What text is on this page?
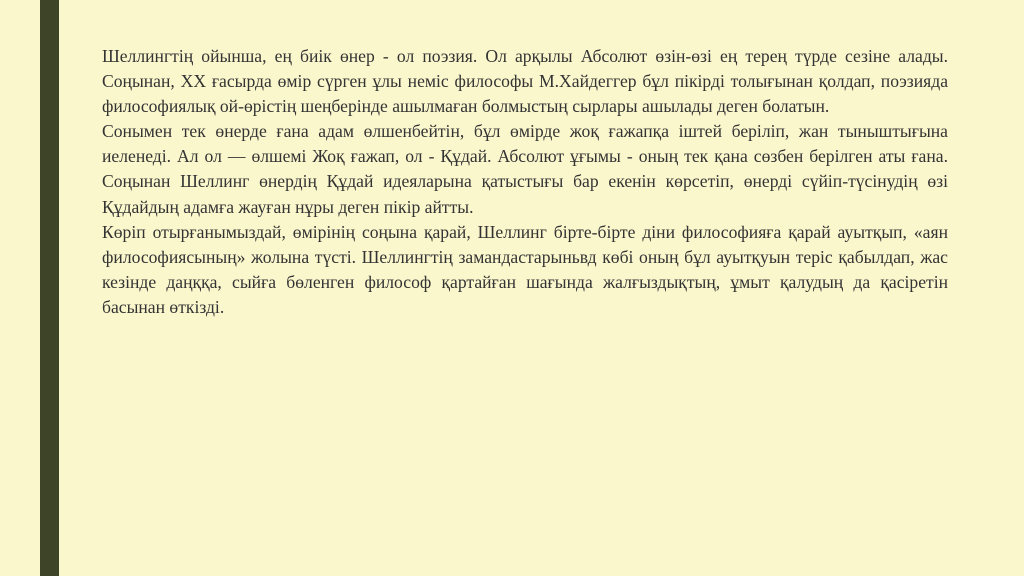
Шеллингтің ойынша, ең биік өнер - ол поэзия. Ол арқылы Абсолют өзін-өзі ең терең түрде сезіне алады. Соңынан, XX ғасырда өмір сүрген ұлы неміс философы М.Хайдеггер бұл пікірді толығынан қолдап, поэзияда философиялық ой-өрістің шеңберінде ашылмаған болмыстың сырлары ашылады деген болатын.

Сонымен тек өнерде ғана адам өлшенбейтін, бұл өмірде жоқ ғажапқа іштей беріліп, жан тыныштығына иеленеді. Ал ол — өлшемі Жоқ ғажап, ол - Құдай. Абсолют ұғымы - оның тек қана сөзбен берілген аты ғана. Соңынан Шеллинг өнердің Құдай идеяларына қатыстығы бар екенін көрсетіп, өнерді сүйіп-түсінудің өзі Құдайдың адамға жауған нұры деген пікір айтты.

Көріп отырғанымыздай, өмірінің соңына қарай, Шеллинг бірте-бірте діни философияға қарай ауытқып, «аян философиясының» жолына түсті. Шеллингтің замандастарыньвд көбі оның бұл ауытқуын теріс қабылдап, жас кезінде даңққа, сыйға бөленген философ қартайған шағында жалғыздықтың, ұмыт қалудың да қасіретін басынан өткізді.
